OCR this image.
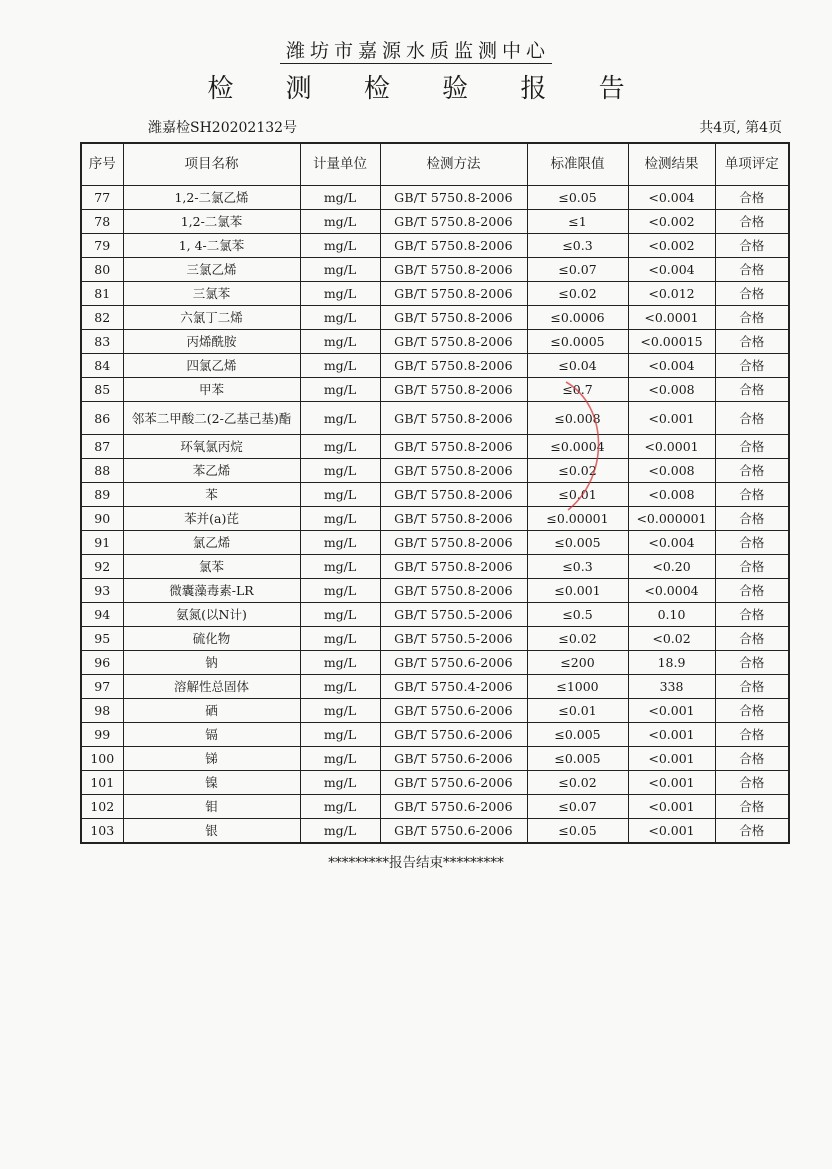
潍坊市嘉源水质监测中心
检 测 检 验 报 告
潍嘉检SH20202132号	共4页, 第4页
序号	项目名称	计量单位	检测方法	标准限值	检测结果	单项评定
77	1,2-二氯乙烯	mg/L	GB/T 5750.8-2006	≤0.05	<0.004	合格
78	1,2-二氯苯	mg/L	GB/T 5750.8-2006	≤1	<0.002	合格
79	1, 4-二氯苯	mg/L	GB/T 5750.8-2006	≤0.3	<0.002	合格
80	三氯乙烯	mg/L	GB/T 5750.8-2006	≤0.07	<0.004	合格
81	三氯苯	mg/L	GB/T 5750.8-2006	≤0.02	<0.012	合格
82	六氯丁二烯	mg/L	GB/T 5750.8-2006	≤0.0006	<0.0001	合格
83	丙烯酰胺	mg/L	GB/T 5750.8-2006	≤0.0005	<0.00015	合格
84	四氯乙烯	mg/L	GB/T 5750.8-2006	≤0.04	<0.004	合格
85	甲苯	mg/L	GB/T 5750.8-2006	≤0.7	<0.008	合格
86	邻苯二甲酸二(2-乙基己基)酯	mg/L	GB/T 5750.8-2006	≤0.008	<0.001	合格
87	环氧氯丙烷	mg/L	GB/T 5750.8-2006	≤0.0004	<0.0001	合格
88	苯乙烯	mg/L	GB/T 5750.8-2006	≤0.02	<0.008	合格
89	苯	mg/L	GB/T 5750.8-2006	≤0.01	<0.008	合格
90	苯并(a)芘	mg/L	GB/T 5750.8-2006	≤0.00001	<0.000001	合格
91	氯乙烯	mg/L	GB/T 5750.8-2006	≤0.005	<0.004	合格
92	氯苯	mg/L	GB/T 5750.8-2006	≤0.3	<0.20	合格
93	微囊藻毒素-LR	mg/L	GB/T 5750.8-2006	≤0.001	<0.0004	合格
94	氨氮(以N计)	mg/L	GB/T 5750.5-2006	≤0.5	0.10	合格
95	硫化物	mg/L	GB/T 5750.5-2006	≤0.02	<0.02	合格
96	钠	mg/L	GB/T 5750.6-2006	≤200	18.9	合格
97	溶解性总固体	mg/L	GB/T 5750.4-2006	≤1000	338	合格
98	硒	mg/L	GB/T 5750.6-2006	≤0.01	<0.001	合格
99	镉	mg/L	GB/T 5750.6-2006	≤0.005	<0.001	合格
100	锑	mg/L	GB/T 5750.6-2006	≤0.005	<0.001	合格
101	镍	mg/L	GB/T 5750.6-2006	≤0.02	<0.001	合格
102	钼	mg/L	GB/T 5750.6-2006	≤0.07	<0.001	合格
103	银	mg/L	GB/T 5750.6-2006	≤0.05	<0.001	合格
*********报告结束*********
